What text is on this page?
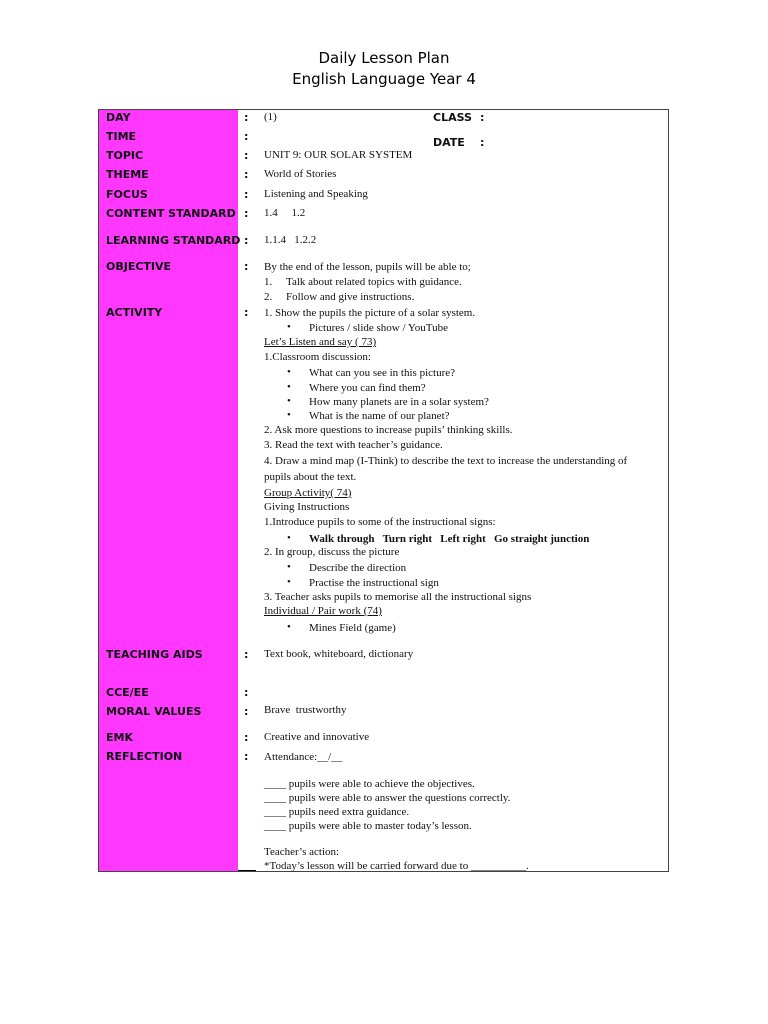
Daily Lesson Plan
English Language Year 4
DAY	: (1)	CLASS :
TIME	:	DATE :
TOPIC	: UNIT 9: OUR SOLAR SYSTEM
THEME	: World of Stories
FOCUS	: Listening and Speaking
CONTENT STANDARD : 1.4     1.2
LEARNING STANDARD : 1.1.4   1.2.2
OBJECTIVE	: By the end of the lesson, pupils will be able to;
1. Talk about related topics with guidance.
2. Follow and give instructions.
ACTIVITY	: 1. Show the pupils the picture of a solar system.
• Pictures / slide show / YouTube
Let’s Listen and say ( 73)
1.Classroom discussion:
• What can you see in this picture?
• Where you can find them?
• How many planets are in a solar system?
• What is the name of our planet?
2. Ask more questions to increase pupils’ thinking skills.
3. Read the text with teacher’s guidance.
4. Draw a mind map (I-Think) to describe the text to increase the understanding of
pupils about the text.
Group Activity( 74)
Giving Instructions
1.Introduce pupils to some of the instructional signs:
• Walk through   Turn right   Left right   Go straight junction
2. In group, discuss the picture
• Describe the direction
• Practise the instructional sign
3. Teacher asks pupils to memorise all the instructional signs
Individual / Pair work (74)
• Mines Field (game)
TEACHING AIDS	: Text book, whiteboard, dictionary
CCE/EE	:
MORAL VALUES	: Brave  trustworthy
EMK	: Creative and innovative
REFLECTION	: Attendance:__/__
____ pupils were able to achieve the objectives.
____ pupils were able to answer the questions correctly.
____ pupils need extra guidance.
____ pupils were able to master today’s lesson.
Teacher’s action:
*Today’s lesson will be carried forward due to __________.
